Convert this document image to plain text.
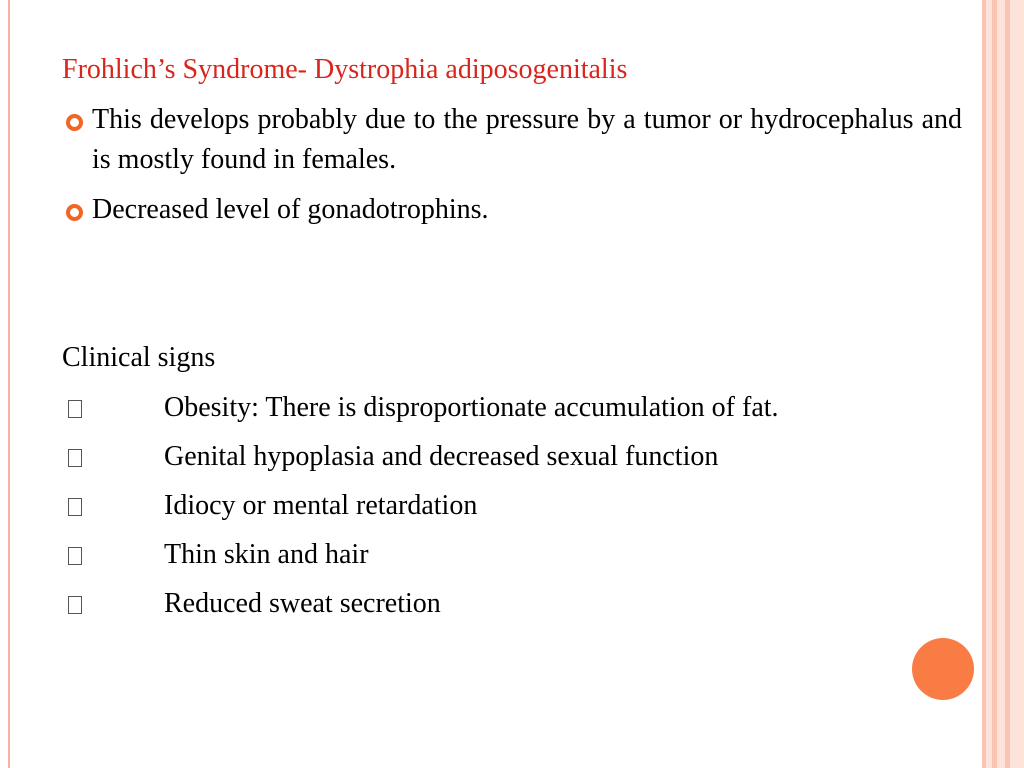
Frohlich’s Syndrome- Dystrophia adiposogenitalis
This develops probably due to the pressure by a tumor or hydrocephalus and is mostly found in females.
Decreased level of gonadotrophins.
Clinical signs
Obesity: There is disproportionate accumulation of fat.
Genital hypoplasia and decreased sexual function
Idiocy or mental retardation
Thin skin and hair
Reduced sweat secretion
